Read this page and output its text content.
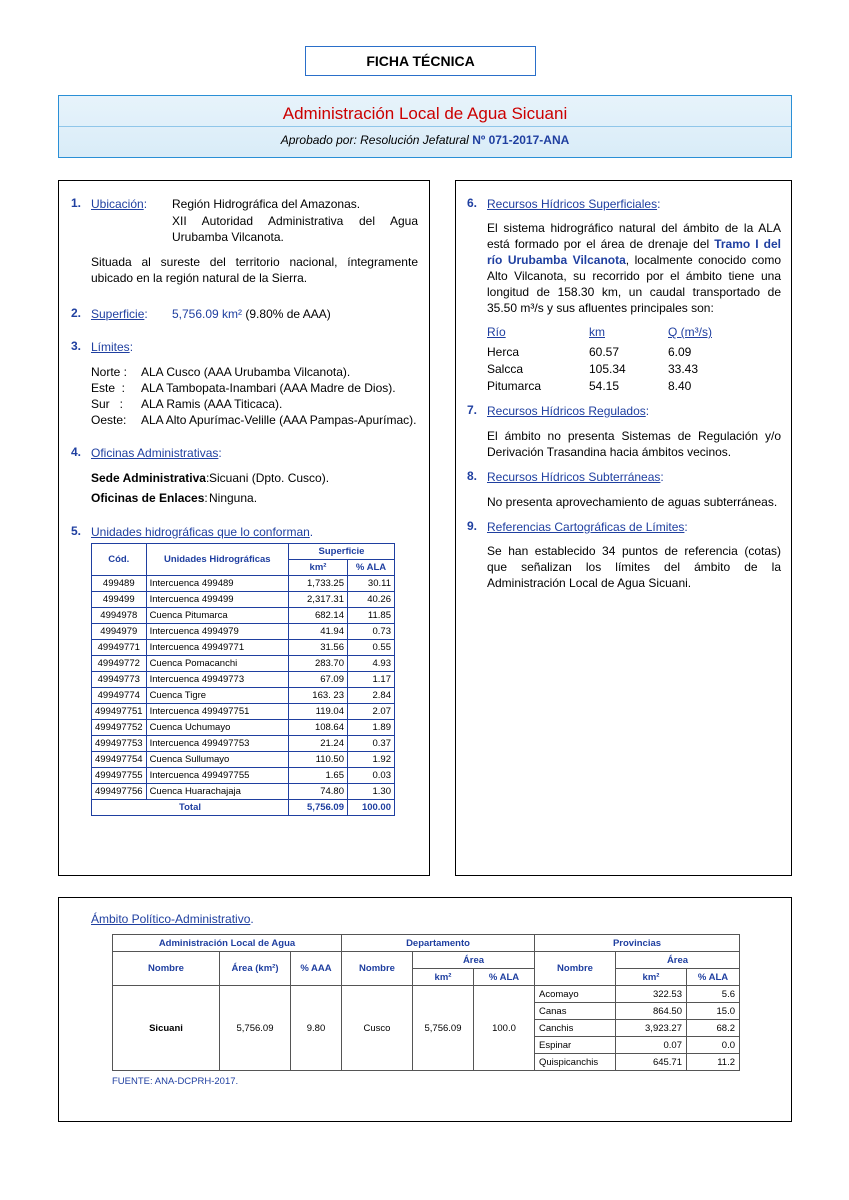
FICHA TÉCNICA
Administración Local de Agua Sicuani
Aprobado por: Resolución Jefatural Nº 071-2017-ANA
1. Ubicación: Región Hidrográfica del Amazonas.
XII Autoridad Administrativa del Agua Urubamba Vilcanota.
Situada al sureste del territorio nacional, íntegramente ubicado en la región natural de la Sierra.
2. Superficie: 5,756.09 km² (9.80% de AAA)
3. Límites:
Norte :	ALA Cusco (AAA Urubamba Vilcanota).
Este  :	ALA Tambopata-Inambari (AAA Madre de Dios).
Sur   :	ALA Ramis (AAA Titicaca).
Oeste:	ALA Alto Apurímac-Velille (AAA Pampas-Apurímac).
4. Oficinas Administrativas:
Sede Administrativa: Sicuani (Dpto. Cusco).
Oficinas de Enlaces: Ninguna.
5. Unidades hidrográficas que lo conforman.
Cód.	Unidades Hidrográficas	Superficie	
		km²	% ALA
499489	Intercuenca 499489	1,733.25	30.11
499499	Intercuenca 499499	2,317.31	40.26
4994978	Cuenca Pitumarca	682.14	11.85
4994979	Intercuenca 4994979	41.94	0.73
49949771	Intercuenca 49949771	31.56	0.55
49949772	Cuenca Pomacanchi	283.70	4.93
49949773	Intercuenca 49949773	67.09	1.17
49949774	Cuenca Tigre	163. 23	2.84
499497751	Intercuenca 499497751	119.04	2.07
499497752	Cuenca Uchumayo	108.64	1.89
499497753	Intercuenca 499497753	21.24	0.37
499497754	Cuenca Sullumayo	110.50	1.92
499497755	Intercuenca 499497755	1.65	0.03
499497756	Cuenca Huarachajaja	74.80	1.30
Total		5,756.09	100.00
6. Recursos Hídricos Superficiales:
El sistema hidrográfico natural del ámbito de la ALA está formado por el área de drenaje del Tramo I del río Urubamba Vilcanota, localmente conocido como Alto Vilcanota, su recorrido por el ámbito tiene una longitud de 158.30 km, un caudal transportado de 35.50 m³/s y sus afluentes principales son:
Río	km	Q (m³/s)
Herca	60.57	6.09
Salcca	105.34	33.43
Pitumarca	54.15	8.40
7. Recursos Hídricos Regulados:
El ámbito no presenta Sistemas de Regulación y/o Derivación Trasandina hacia ámbitos vecinos.
8. Recursos Hídricos Subterráneas:
No presenta aprovechamiento de aguas subterráneas.
9. Referencias Cartográficas de Límites:
Se han establecido 34 puntos de referencia (cotas) que señalizan los límites del ámbito de la Administración Local de Agua Sicuani.
Ámbito Político-Administrativo.
Administración Local de Agua			Departamento			Provincias		
Nombre	Área (km²)	% AAA	Nombre	Área		Nombre	Área	
				km²	% ALA		km²	% ALA
Sicuani	5,756.09	9.80	Cusco	5,756.09	100.0	Acomayo	322.53	5.6
						Canas	864.50	15.0
						Canchis	3,923.27	68.2
						Espinar	0.07	0.0
						Quispicanchis	645.71	11.2
FUENTE: ANA-DCPRH-2017.
